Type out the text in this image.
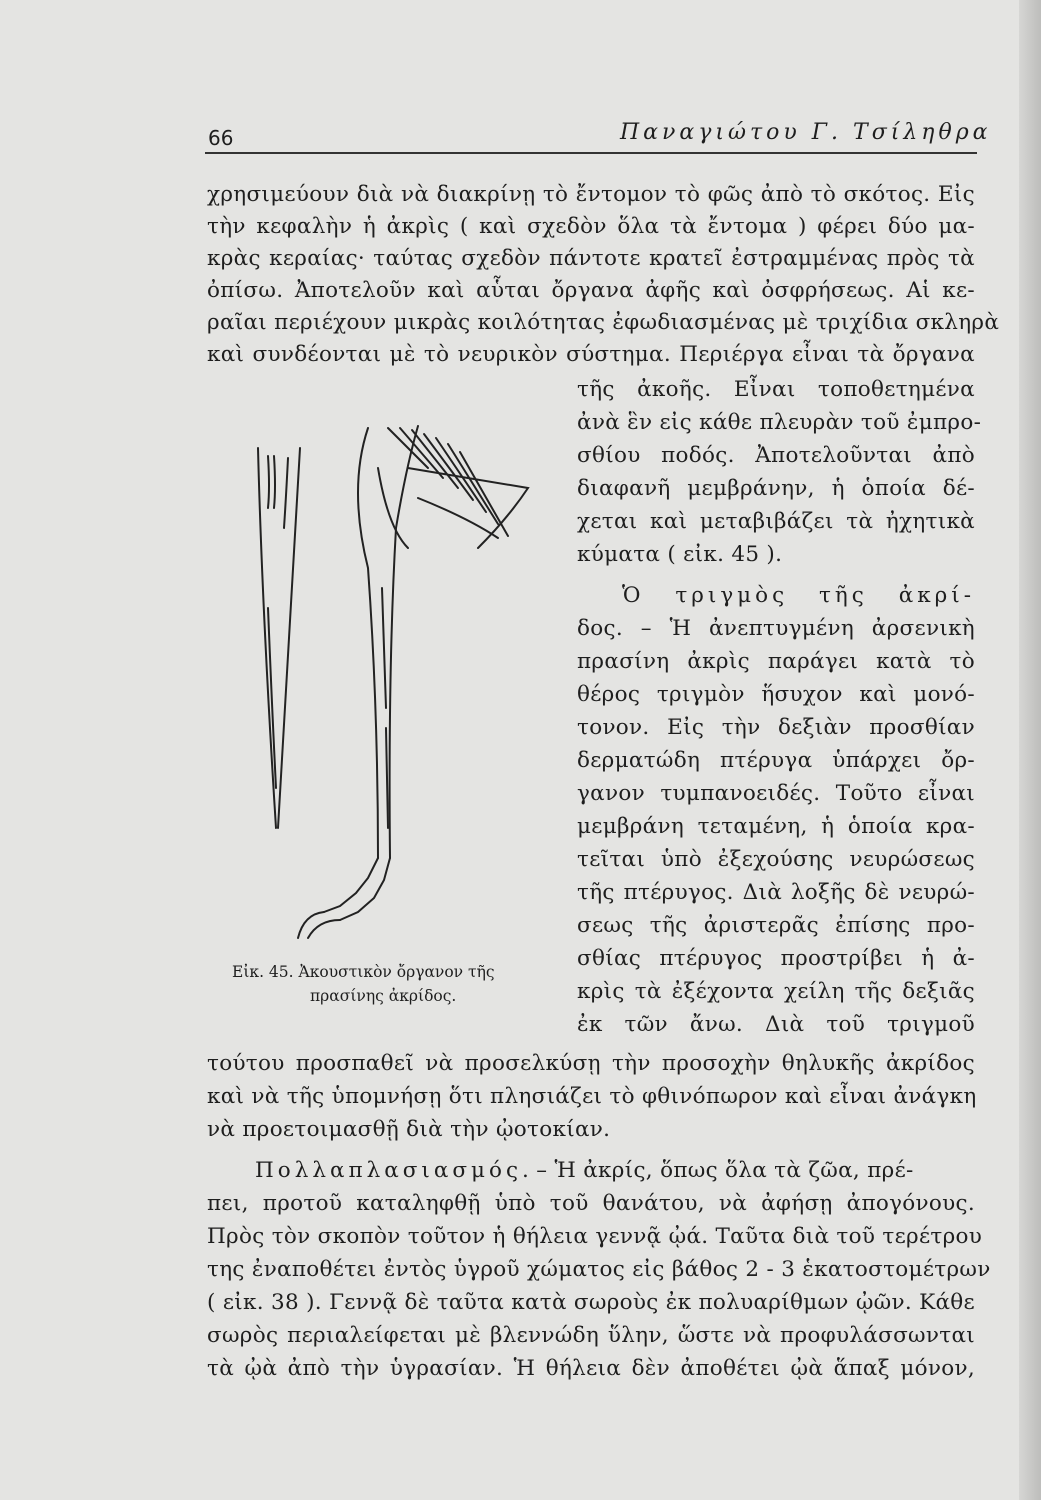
66	Παναγιώτου Γ. Τσίληθρα
χρησιμεύουν διὰ νὰ διακρίνῃ τὸ ἔντομον τὸ φῶς ἀπὸ τὸ σκότος. Εἰς
τὴν κεφαλὴν ἡ ἀκρὶς ( καὶ σχεδὸν ὅλα τὰ ἔντομα ) φέρει δύο μα-
κρὰς κεραίας· ταύτας σχεδὸν πάντοτε κρατεῖ ἐστραμμένας πρὸς τὰ
ὀπίσω. Ἀποτελοῦν καὶ αὗται ὄργανα ἀφῆς καὶ ὀσφρήσεως. Αἱ κε-
ραῖαι περιέχουν μικρὰς κοιλότητας ἐφωδιασμένας μὲ τριχίδια σκληρὰ
καὶ συνδέονται μὲ τὸ νευρικὸν σύστημα. Περιέργα εἶναι τὰ ὄργανα
τῆς ἀκοῆς. Εἶναι τοποθετημένα
ἀνὰ ἓν εἰς κάθε πλευρὰν τοῦ ἐμπρο-
σθίου ποδός. Ἀποτελοῦνται ἀπὸ
διαφανῆ μεμβράνην, ἡ ὁποία δέ-
χεται καὶ μεταβιβάζει τὰ ἠχητικὰ
κύματα ( εἰκ. 45 ).
Ὁ τριγμὸς τῆς ἀκρί-
δος. – Ἡ ἀνεπτυγμένη ἀρσενικὴ
πρασίνη ἀκρὶς παράγει κατὰ τὸ
θέρος τριγμὸν ἥσυχον καὶ μονό-
τονον. Εἰς τὴν δεξιὰν προσθίαν
δερματώδη πτέρυγα ὑπάρχει ὄρ-
γανον τυμπανοειδές. Τοῦτο εἶναι
μεμβράνη τεταμένη, ἡ ὁποία κρα-
τεῖται ὑπὸ ἐξεχούσης νευρώσεως
τῆς πτέρυγος. Διὰ λοξῆς δὲ νευρώ-
σεως τῆς ἀριστερᾶς ἐπίσης προ-
σθίας πτέρυγος προστρίβει ἡ ἀ-
κρὶς τὰ ἐξέχοντα χείλη τῆς δεξιᾶς
ἐκ τῶν ἄνω. Διὰ τοῦ τριγμοῦ
Εἰκ. 45. Ἀκουστικὸν ὄργανον τῆς
πρασίνης ἀκρίδος.
τούτου προσπαθεῖ νὰ προσελκύσῃ τὴν προσοχὴν θηλυκῆς ἀκρίδος
καὶ νὰ τῆς ὑπομνήσῃ ὅτι πλησιάζει τὸ φθινόπωρον καὶ εἶναι ἀνάγκη
νὰ προετοιμασθῇ διὰ τὴν ᾠοτοκίαν.
Πολλαπλασιασμός. – Ἡ ἀκρίς, ὅπως ὅλα τὰ ζῶα, πρέ-
πει, προτοῦ καταληφθῇ ὑπὸ τοῦ θανάτου, νὰ ἀφήσῃ ἀπογόνους.
Πρὸς τὸν σκοπὸν τοῦτον ἡ θήλεια γεννᾷ ᾠά. Ταῦτα διὰ τοῦ τερέτρου
της ἐναποθέτει ἐντὸς ὑγροῦ χώματος εἰς βάθος 2 - 3 ἑκατοστομέτρων
( εἰκ. 38 ). Γεννᾷ δὲ ταῦτα κατὰ σωροὺς ἐκ πολυαρίθμων ᾠῶν. Κάθε
σωρὸς περιαλείφεται μὲ βλεννώδη ὕλην, ὥστε νὰ προφυλάσσωνται
τὰ ᾠὰ ἀπὸ τὴν ὑγρασίαν. Ἡ θήλεια δὲν ἀποθέτει ᾠὰ ἅπαξ μόνον,
